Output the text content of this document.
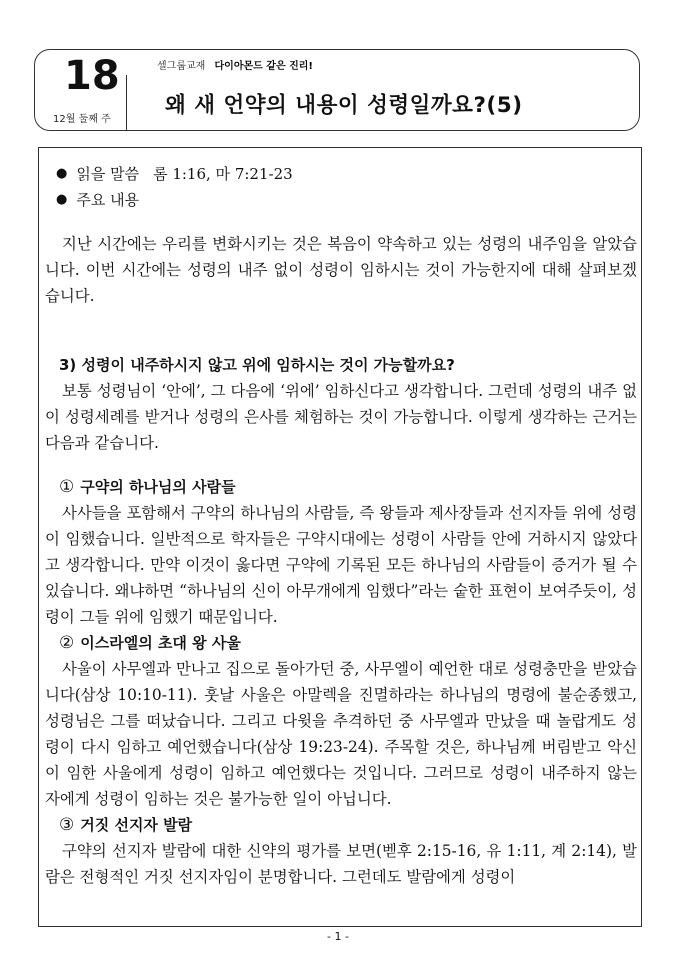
18
12월 둘째 주
셀그룹교재 다이아몬드 같은 진리!
왜 새 언약의 내용이 성령일까요?(5)
● 읽을 말씀 롬 1:16, 마 7:21-23
● 주요 내용

지난 시간에는 우리를 변화시키는 것은 복음이 약속하고 있는 성령의 내주임을 알았습니다. 이번 시간에는 성령의 내주 없이 성령이 임하시는 것이 가능한지에 대해 살펴보겠습니다.

3) 성령이 내주하시지 않고 위에 임하시는 것이 가능할까요?

보통 성령님이 ‘안에’, 그 다음에 ‘위에’ 임하신다고 생각합니다. 그런데 성령의 내주 없이 성령세례를 받거나 성령의 은사를 체험하는 것이 가능합니다. 이렇게 생각하는 근거는 다음과 같습니다.

① 구약의 하나님의 사람들

사사들을 포함해서 구약의 하나님의 사람들, 즉 왕들과 제사장들과 선지자들 위에 성령이 임했습니다. 일반적으로 학자들은 구약시대에는 성령이 사람들 안에 거하시지 않았다고 생각합니다. 만약 이것이 옳다면 구약에 기록된 모든 하나님의 사람들이 증거가 될 수 있습니다. 왜냐하면 “하나님의 신이 아무개에게 임했다”라는 숱한 표현이 보여주듯이, 성령이 그들 위에 임했기 때문입니다.

② 이스라엘의 초대 왕 사울

사울이 사무엘과 만나고 집으로 돌아가던 중, 사무엘이 예언한 대로 성령충만을 받았습니다(삼상 10:10-11). 훗날 사울은 아말렉을 진멸하라는 하나님의 명령에 불순종했고, 성령님은 그를 떠났습니다. 그리고 다윗을 추격하던 중 사무엘과 만났을 때 놀랍게도 성령이 다시 임하고 예언했습니다(삼상 19:23-24). 주목할 것은, 하나님께 버림받고 악신이 임한 사울에게 성령이 임하고 예언했다는 것입니다. 그러므로 성령이 내주하지 않는 자에게 성령이 임하는 것은 불가능한 일이 아닙니다.

③ 거짓 선지자 발람

구약의 선지자 발람에 대한 신약의 평가를 보면(벧후 2:15-16, 유 1:11, 계 2:14), 발람은 전형적인 거짓 선지자임이 분명합니다. 그런데도 발람에게 성령이

- 1 -
